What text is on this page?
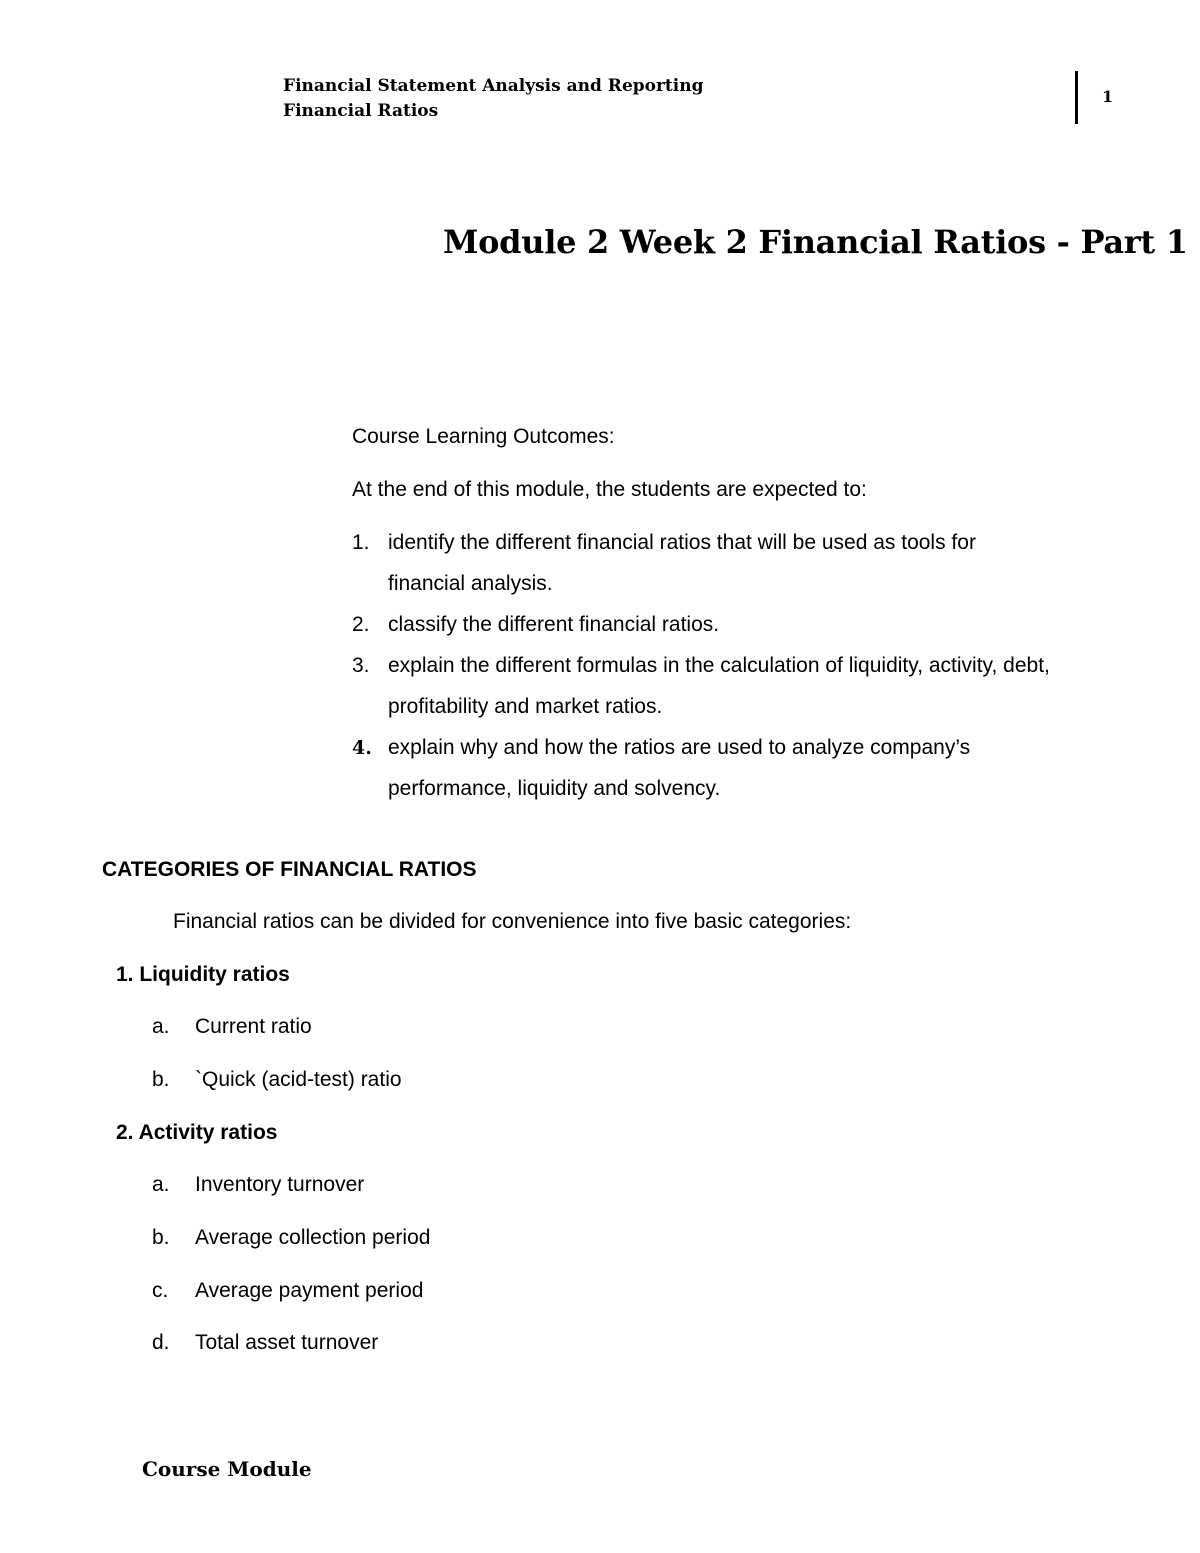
Financial Statement Analysis and Reporting
Financial Ratios
1
Module 2 Week 2 Financial Ratios - Part 1
Course Learning Outcomes:
At the end of this module, the students are expected to:
1. identify the different financial ratios that will be used as tools for
financial analysis.
2. classify the different financial ratios.
3. explain the different formulas in the calculation of liquidity, activity, debt,
profitability and market ratios.
4. explain why and how the ratios are used to analyze company’s
performance, liquidity and solvency.
CATEGORIES OF FINANCIAL RATIOS
Financial ratios can be divided for convenience into five basic categories:
1. Liquidity ratios
a. Current ratio
b. `Quick (acid-test) ratio
2. Activity ratios
a. Inventory turnover
b. Average collection period
c. Average payment period
d. Total asset turnover
Course Module
